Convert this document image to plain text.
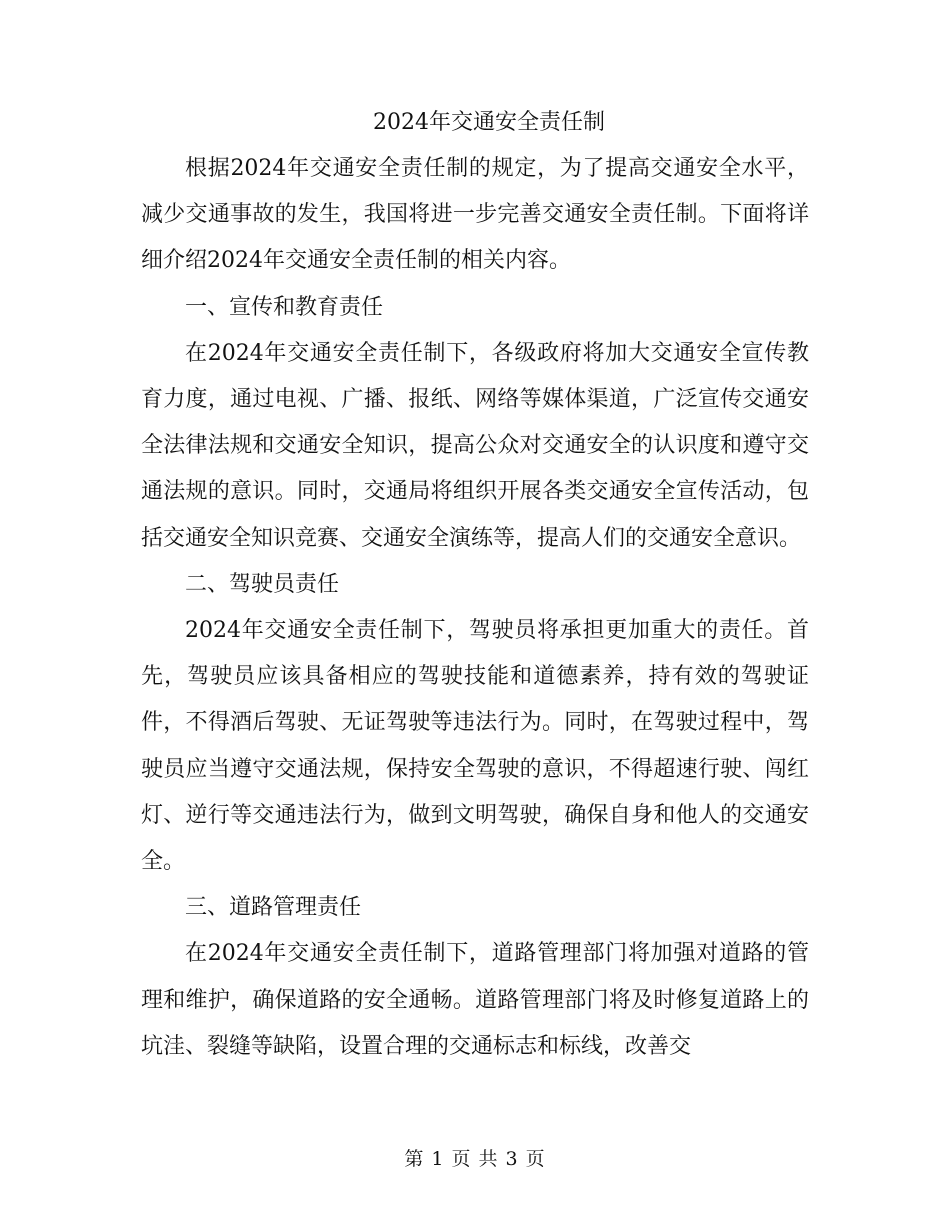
2024年交通安全责任制

根据2024年交通安全责任制的规定，为了提高交通安全水平，减少交通事故的发生，我国将进一步完善交通安全责任制。下面将详细介绍2024年交通安全责任制的相关内容。

一、宣传和教育责任

在2024年交通安全责任制下，各级政府将加大交通安全宣传教育力度，通过电视、广播、报纸、网络等媒体渠道，广泛宣传交通安全法律法规和交通安全知识，提高公众对交通安全的认识度和遵守交通法规的意识。同时，交通局将组织开展各类交通安全宣传活动，包括交通安全知识竞赛、交通安全演练等，提高人们的交通安全意识。

二、驾驶员责任

2024年交通安全责任制下，驾驶员将承担更加重大的责任。首先，驾驶员应该具备相应的驾驶技能和道德素养，持有效的驾驶证件，不得酒后驾驶、无证驾驶等违法行为。同时，在驾驶过程中，驾驶员应当遵守交通法规，保持安全驾驶的意识，不得超速行驶、闯红灯、逆行等交通违法行为，做到文明驾驶，确保自身和他人的交通安全。

三、道路管理责任

在2024年交通安全责任制下，道路管理部门将加强对道路的管理和维护，确保道路的安全通畅。道路管理部门将及时修复道路上的坑洼、裂缝等缺陷，设置合理的交通标志和标线，改善交

第 1 页 共 3 页
